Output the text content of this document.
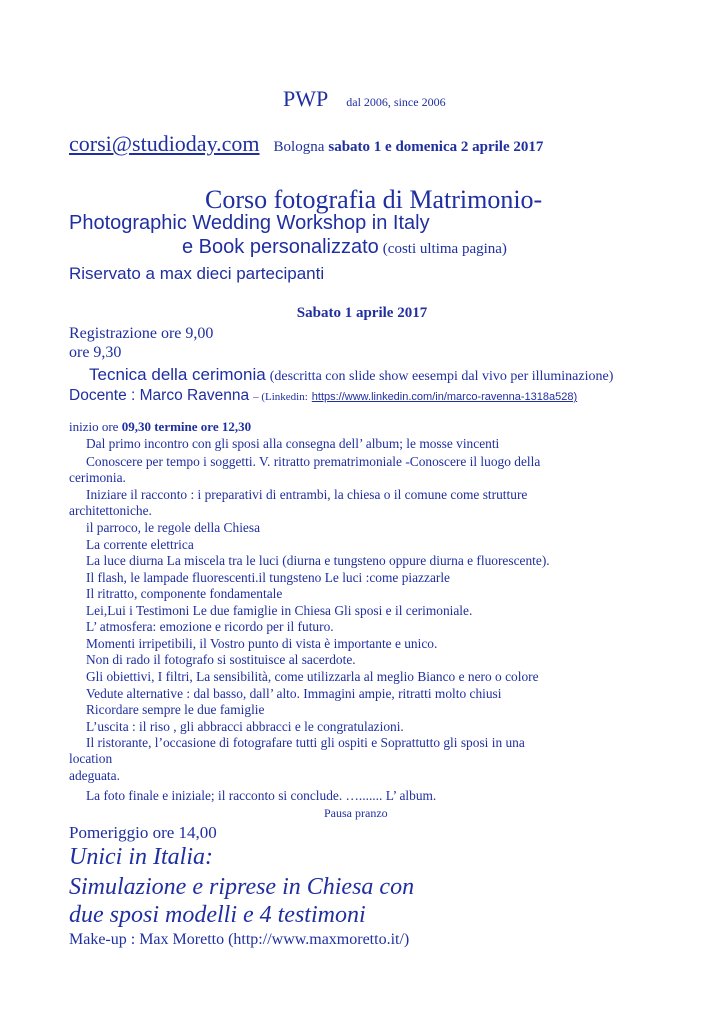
PWP dal 2006, since 2006
corsi@studioday.com Bologna sabato 1 e domenica 2 aprile 2017
Corso fotografia di Matrimonio-
Photographic Wedding Workshop in Italy
e Book personalizzato (costi ultima pagina)
Riservato a max dieci partecipanti
Sabato 1 aprile 2017
Registrazione ore 9,00
ore 9,30
Tecnica della cerimonia (descritta con slide show eesempi dal vivo per illuminazione)
Docente : Marco Ravenna – (Linkedin: https://www.linkedin.com/in/marco-ravenna-1318a528)
inizio ore 09,30 termine ore 12,30
Dal primo incontro con gli sposi alla consegna dell’ album; le mosse vincenti
Conoscere per tempo i soggetti. V. ritratto prematrimoniale -Conoscere il luogo della
cerimonia.
Iniziare il racconto : i preparativi di entrambi, la chiesa o il comune come strutture
architettoniche.
il parroco, le regole della Chiesa
La corrente elettrica
La luce diurna La miscela tra le luci (diurna e tungsteno oppure diurna e fluorescente).
Il flash, le lampade fluorescenti.il tungsteno Le luci :come piazzarle
Il ritratto, componente fondamentale
Lei,Lui i Testimoni Le due famiglie in Chiesa Gli sposi e il cerimoniale.
L’ atmosfera: emozione e ricordo per il futuro.
Momenti irripetibili, il Vostro punto di vista è importante e unico.
Non di rado il fotografo si sostituisce al sacerdote.
Gli obiettivi, I filtri, La sensibilità, come utilizzarla al meglio Bianco e nero o colore
Vedute alternative : dal basso, dall’ alto. Immagini ampie, ritratti molto chiusi
Ricordare sempre le due famiglie
L’uscita : il riso , gli abbracci abbracci e le congratulazioni.
Il ristorante, l’occasione di fotografare tutti gli ospiti e Soprattutto gli sposi in una
location
adeguata.
La foto finale e iniziale; il racconto si conclude. …....... L’ album.
Pausa pranzo
Pomeriggio ore 14,00
Unici in Italia:
Simulazione e riprese in Chiesa con
due sposi modelli e 4 testimoni
Make-up : Max Moretto (http://www.maxmoretto.it/)
